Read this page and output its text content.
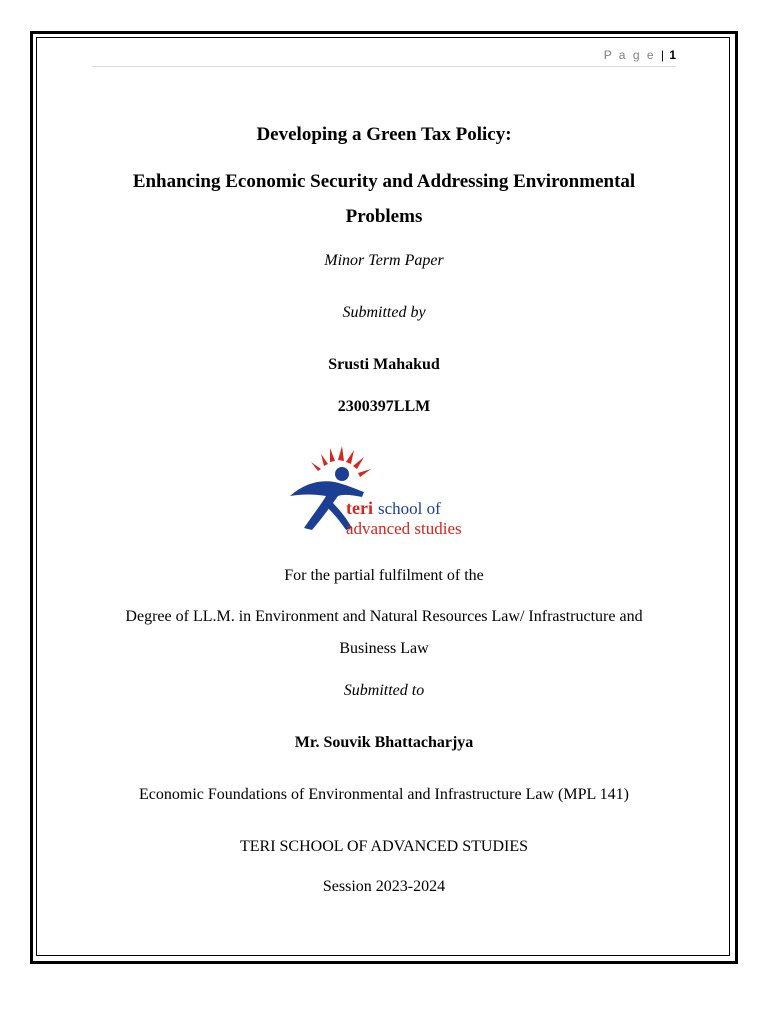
P a g e | 1
Developing a Green Tax Policy:
Enhancing Economic Security and Addressing Environmental
Problems
Minor Term Paper
Submitted by
Srusti Mahakud
2300397LLM
For the partial fulfilment of the
Degree of LL.M. in Environment and Natural Resources Law/ Infrastructure and
Business Law
Submitted to
Mr. Souvik Bhattacharjya
Economic Foundations of Environmental and Infrastructure Law (MPL 141)
TERI SCHOOL OF ADVANCED STUDIES
Session 2023-2024
teri school of
advanced studies
